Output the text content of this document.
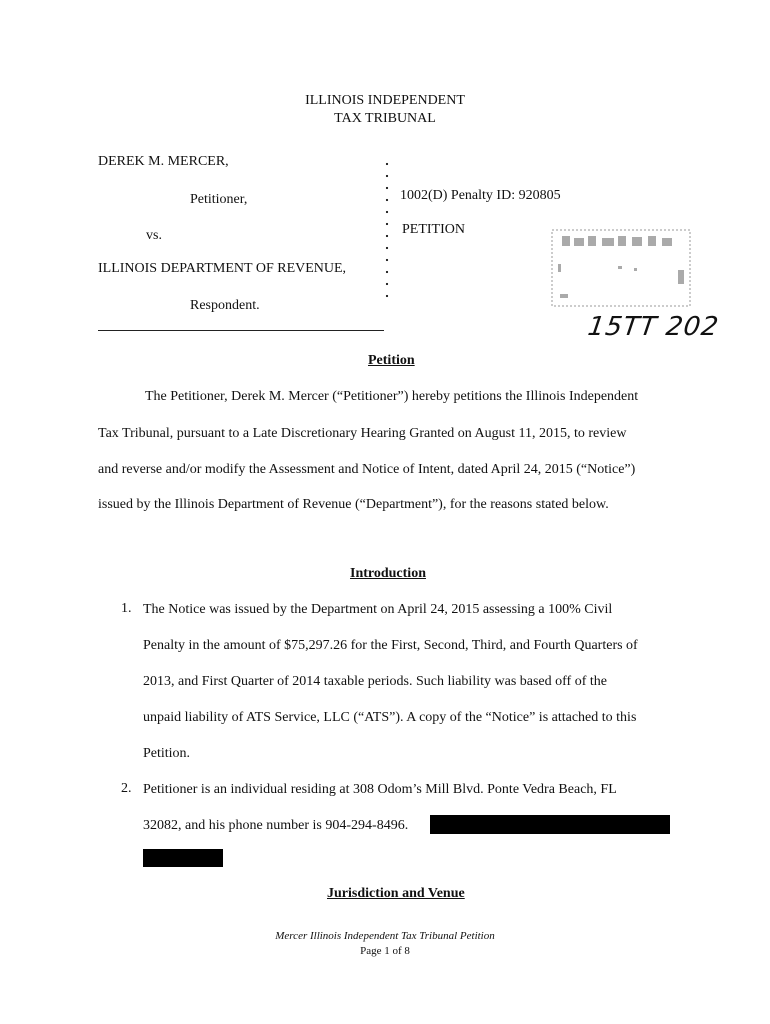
ILLINOIS INDEPENDENT
TAX TRIBUNAL
DEREK M. MERCER,
Petitioner,
vs.
ILLINOIS DEPARTMENT OF REVENUE,
Respondent.
1002(D) Penalty ID: 920805
PETITION
15TT 202
Petition
The Petitioner, Derek M. Mercer (“Petitioner”) hereby petitions the Illinois Independent
Tax Tribunal, pursuant to a Late Discretionary Hearing Granted on August 11, 2015, to review
and reverse and/or modify the Assessment and Notice of Intent, dated April 24, 2015 (“Notice”)
issued by the Illinois Department of Revenue (“Department”), for the reasons stated below.
Introduction
1. The Notice was issued by the Department on April 24, 2015 assessing a 100% Civil
Penalty in the amount of $75,297.26 for the First, Second, Third, and Fourth Quarters of
2013, and First Quarter of 2014 taxable periods. Such liability was based off of the
unpaid liability of ATS Service, LLC (“ATS”). A copy of the “Notice” is attached to this
Petition.
2. Petitioner is an individual residing at 308 Odom’s Mill Blvd. Ponte Vedra Beach, FL
32082, and his phone number is 904-294-8496.
Jurisdiction and Venue
Mercer Illinois Independent Tax Tribunal Petition
Page 1 of 8
